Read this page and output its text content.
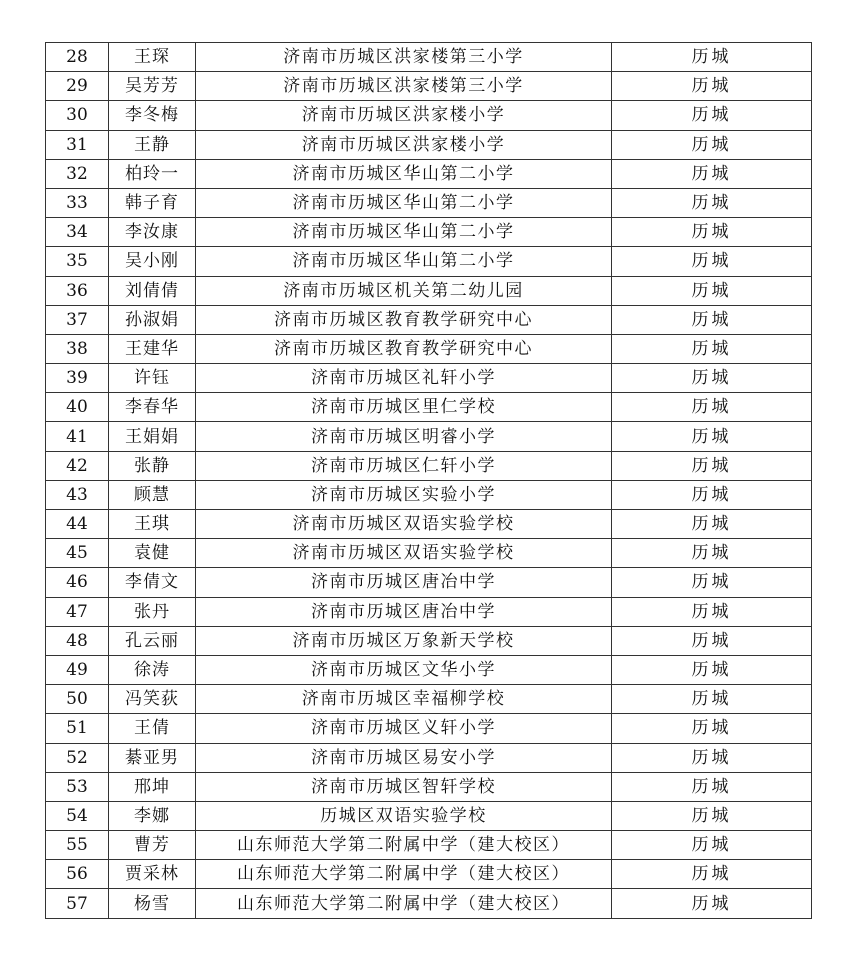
28	王琛	济南市历城区洪家楼第三小学	历城
29	吴芳芳	济南市历城区洪家楼第三小学	历城
30	李冬梅	济南市历城区洪家楼小学	历城
31	王静	济南市历城区洪家楼小学	历城
32	柏玲一	济南市历城区华山第二小学	历城
33	韩子育	济南市历城区华山第二小学	历城
34	李汝康	济南市历城区华山第二小学	历城
35	吴小刚	济南市历城区华山第二小学	历城
36	刘倩倩	济南市历城区机关第二幼儿园	历城
37	孙淑娟	济南市历城区教育教学研究中心	历城
38	王建华	济南市历城区教育教学研究中心	历城
39	许钰	济南市历城区礼轩小学	历城
40	李春华	济南市历城区里仁学校	历城
41	王娟娟	济南市历城区明睿小学	历城
42	张静	济南市历城区仁轩小学	历城
43	顾慧	济南市历城区实验小学	历城
44	王琪	济南市历城区双语实验学校	历城
45	袁健	济南市历城区双语实验学校	历城
46	李倩文	济南市历城区唐冶中学	历城
47	张丹	济南市历城区唐冶中学	历城
48	孔云丽	济南市历城区万象新天学校	历城
49	徐涛	济南市历城区文华小学	历城
50	冯笑荻	济南市历城区幸福柳学校	历城
51	王倩	济南市历城区义轩小学	历城
52	綦亚男	济南市历城区易安小学	历城
53	邢坤	济南市历城区智轩学校	历城
54	李娜	历城区双语实验学校	历城
55	曹芳	山东师范大学第二附属中学（建大校区）	历城
56	贾采林	山东师范大学第二附属中学（建大校区）	历城
57	杨雪	山东师范大学第二附属中学（建大校区）	历城
